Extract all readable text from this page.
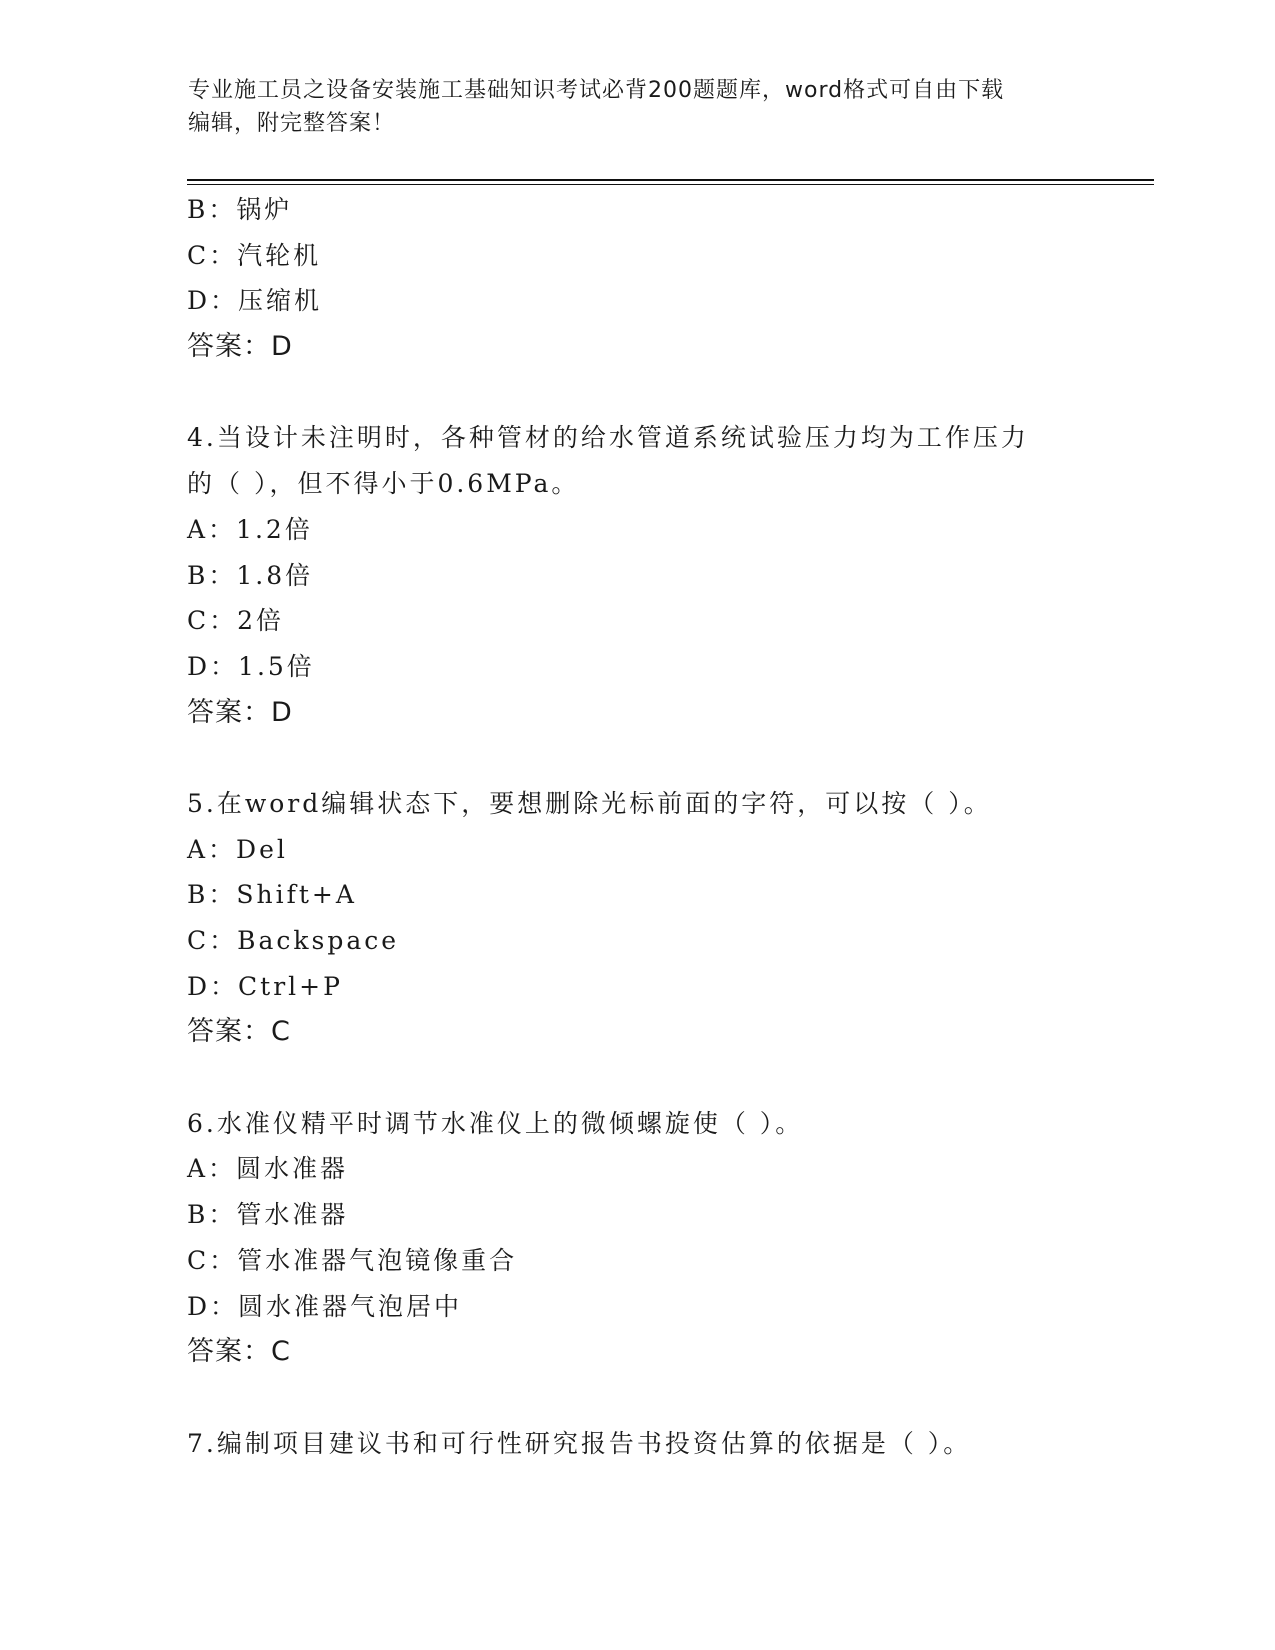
专业施工员之设备安装施工基础知识考试必背200题题库，word格式可自由下载
编辑，附完整答案！

B：锅炉

C：汽轮机

D：压缩机

答案：D

4.当设计未注明时，各种管材的给水管道系统试验压力均为工作压力

的（ ），但不得小于0.6MPa。

A：1.2倍

B：1.8倍

C：2倍

D：1.5倍

答案：D

5.在word编辑状态下，要想删除光标前面的字符，可以按（ ）。

A：Del

B：Shift+A

C：Backspace

D：Ctrl+P

答案：C

6.水准仪精平时调节水准仪上的微倾螺旋使（ ）。

A：圆水准器

B：管水准器

C：管水准器气泡镜像重合

D：圆水准器气泡居中

答案：C

7.编制项目建议书和可行性研究报告书投资估算的依据是（ ）。
